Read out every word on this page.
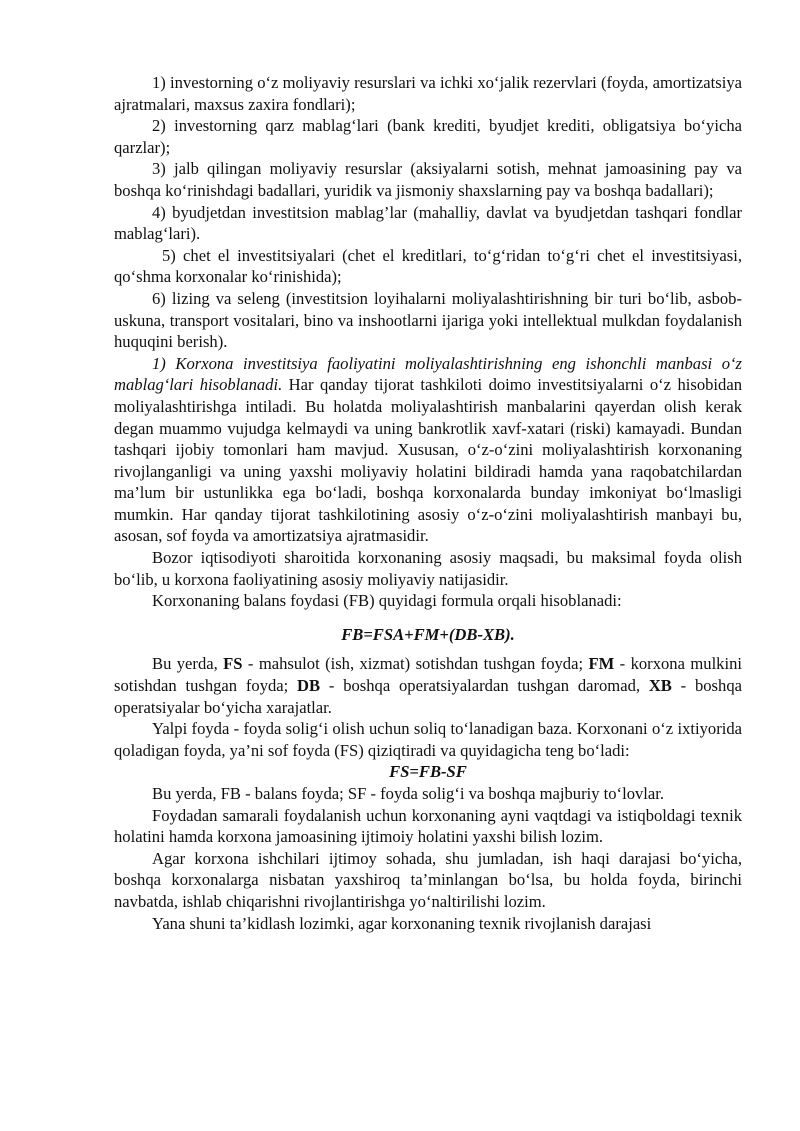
1) investorning o‘z moliyaviy resurslari va ichki xo‘jalik rezervlari (foyda, amortizatsiya ajratmalari, maxsus zaxira fondlari);

2) investorning qarz mablag‘lari (bank krediti, byudjet krediti, obligatsiya bo‘yicha qarzlar);

3) jalb qilingan moliyaviy resurslar (aksiyalarni sotish, mehnat jamoasining pay va boshqa ko‘rinishdagi badallari, yuridik va jismoniy shaxslarning pay va boshqa badallari);

4) byudjetdan investitsion mablag’lar (mahalliy, davlat va byudjetdan tashqari fondlar mablag‘lari).

5) chet el investitsiyalari (chet el kreditlari, to‘g‘ridan to‘g‘ri chet el investitsiyasi, qo‘shma korxonalar ko‘rinishida);

6) lizing va seleng (investitsion loyihalarni moliyalashtirishning bir turi bo‘lib, asbob-uskuna, transport vositalari, bino va inshootlarni ijariga yoki intellektual mulkdan foydalanish huquqini berish).

1) Korxona investitsiya faoliyatini moliyalashtirishning eng ishonchli manbasi o‘z mablag‘lari hisoblanadi. Har qanday tijorat tashkiloti doimo investitsiyalarni o‘z hisobidan moliyalashtirishga intiladi. Bu holatda moliyalashtirish manbalarini qayerdan olish kerak degan muammo vujudga kelmaydi va uning bankrotlik xavf-xatari (riski) kamayadi. Bundan tashqari ijobiy tomonlari ham mavjud. Xususan, o‘z-o‘zini moliyalashtirish korxonaning rivojlanganligi va uning yaxshi moliyaviy holatini bildiradi hamda yana raqobatchilardan ma’lum bir ustunlikka ega bo‘ladi, boshqa korxonalarda bunday imkoniyat bo‘lmasligi mumkin. Har qanday tijorat tashkilotining asosiy o‘z-o‘zini moliyalashtirish manbayi bu, asosan, sof foyda va amortizatsiya ajratmasidir.

Bozor iqtisodiyoti sharoitida korxonaning asosiy maqsadi, bu maksimal foyda olish bo‘lib, u korxona faoliyatining asosiy moliyaviy natijasidir.

Korxonaning balans foydasi (FB) quyidagi formula orqali hisoblanadi:

FB=FSA+FM+(DB-XB).

Bu yerda, FS - mahsulot (ish, xizmat) sotishdan tushgan foyda; FM - korxona mulkini sotishdan tushgan foyda; DB - boshqa operatsiyalardan tushgan daromad, XB - boshqa operatsiyalar bo‘yicha xarajatlar.

Yalpi foyda - foyda solig‘i olish uchun soliq to‘lanadigan baza. Korxonani o‘z ixtiyorida qoladigan foyda, ya’ni sof foyda (FS) qiziqtiradi va quyidagicha teng bo‘ladi:

FS=FB-SF

Bu yerda, FB - balans foyda; SF - foyda solig‘i va boshqa majburiy to‘lovlar.

Foydadan samarali foydalanish uchun korxonaning ayni vaqtdagi va istiqboldagi texnik holatini hamda korxona jamoasining ijtimoiy holatini yaxshi bilish lozim.

Agar korxona ishchilari ijtimoy sohada, shu jumladan, ish haqi darajasi bo‘yicha, boshqa korxonalarga nisbatan yaxshiroq ta’minlangan bo‘lsa, bu holda foyda, birinchi navbatda, ishlab chiqarishni rivojlantirishga yo‘naltirilishi lozim.

Yana shuni ta’kidlash lozimki, agar korxonaning texnik rivojlanish darajasi
